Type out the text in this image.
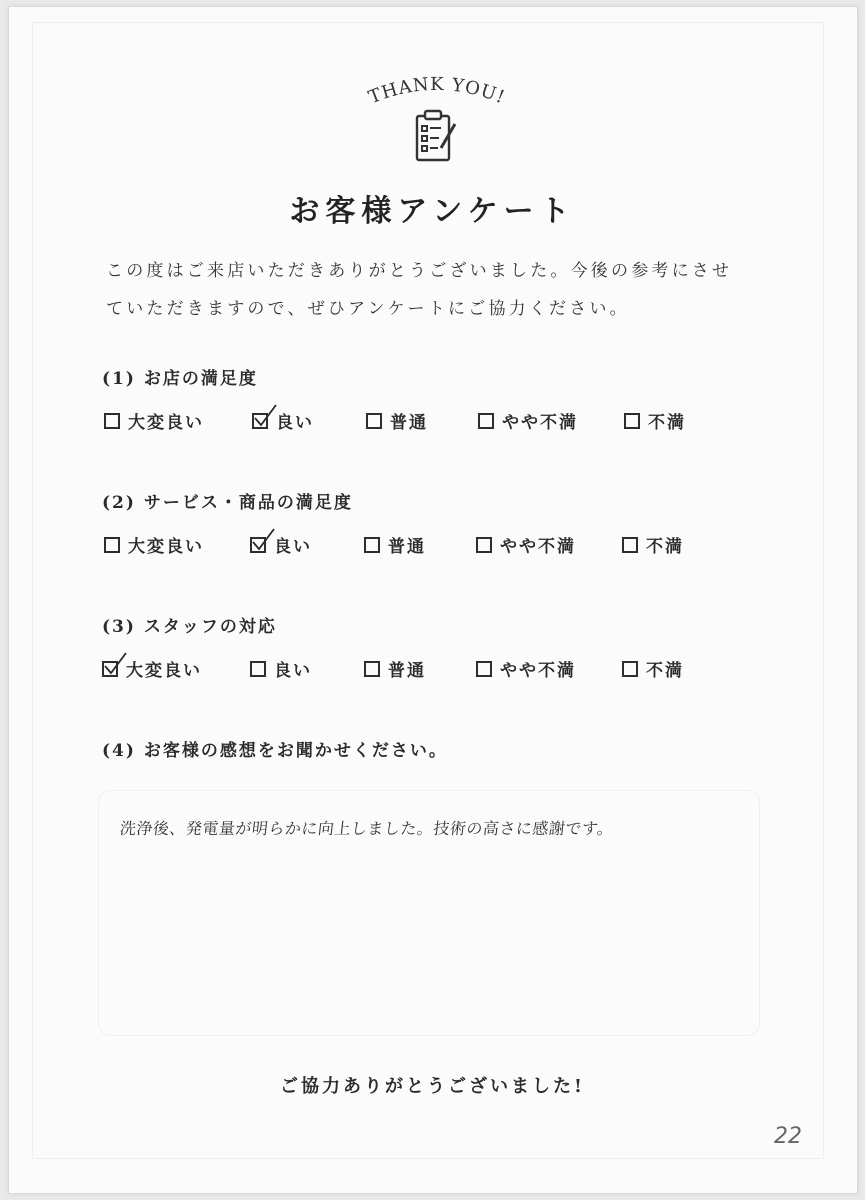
THANK YOU!
お客様アンケート
この度はご来店いただきありがとうございました。今後の参考にさせ
ていただきますので、ぜひアンケートにご協力ください。
(1) お店の満足度
大変良い	良い	普通	やや不満	不満
(2) サービス・商品の満足度
大変良い	良い	普通	やや不満	不満
(3) スタッフの対応
大変良い	良い	普通	やや不満	不満
(4) お客様の感想をお聞かせください。
洗浄後、発電量が明らかに向上しました。技術の高さに感謝です。
ご協力ありがとうございました!
22
